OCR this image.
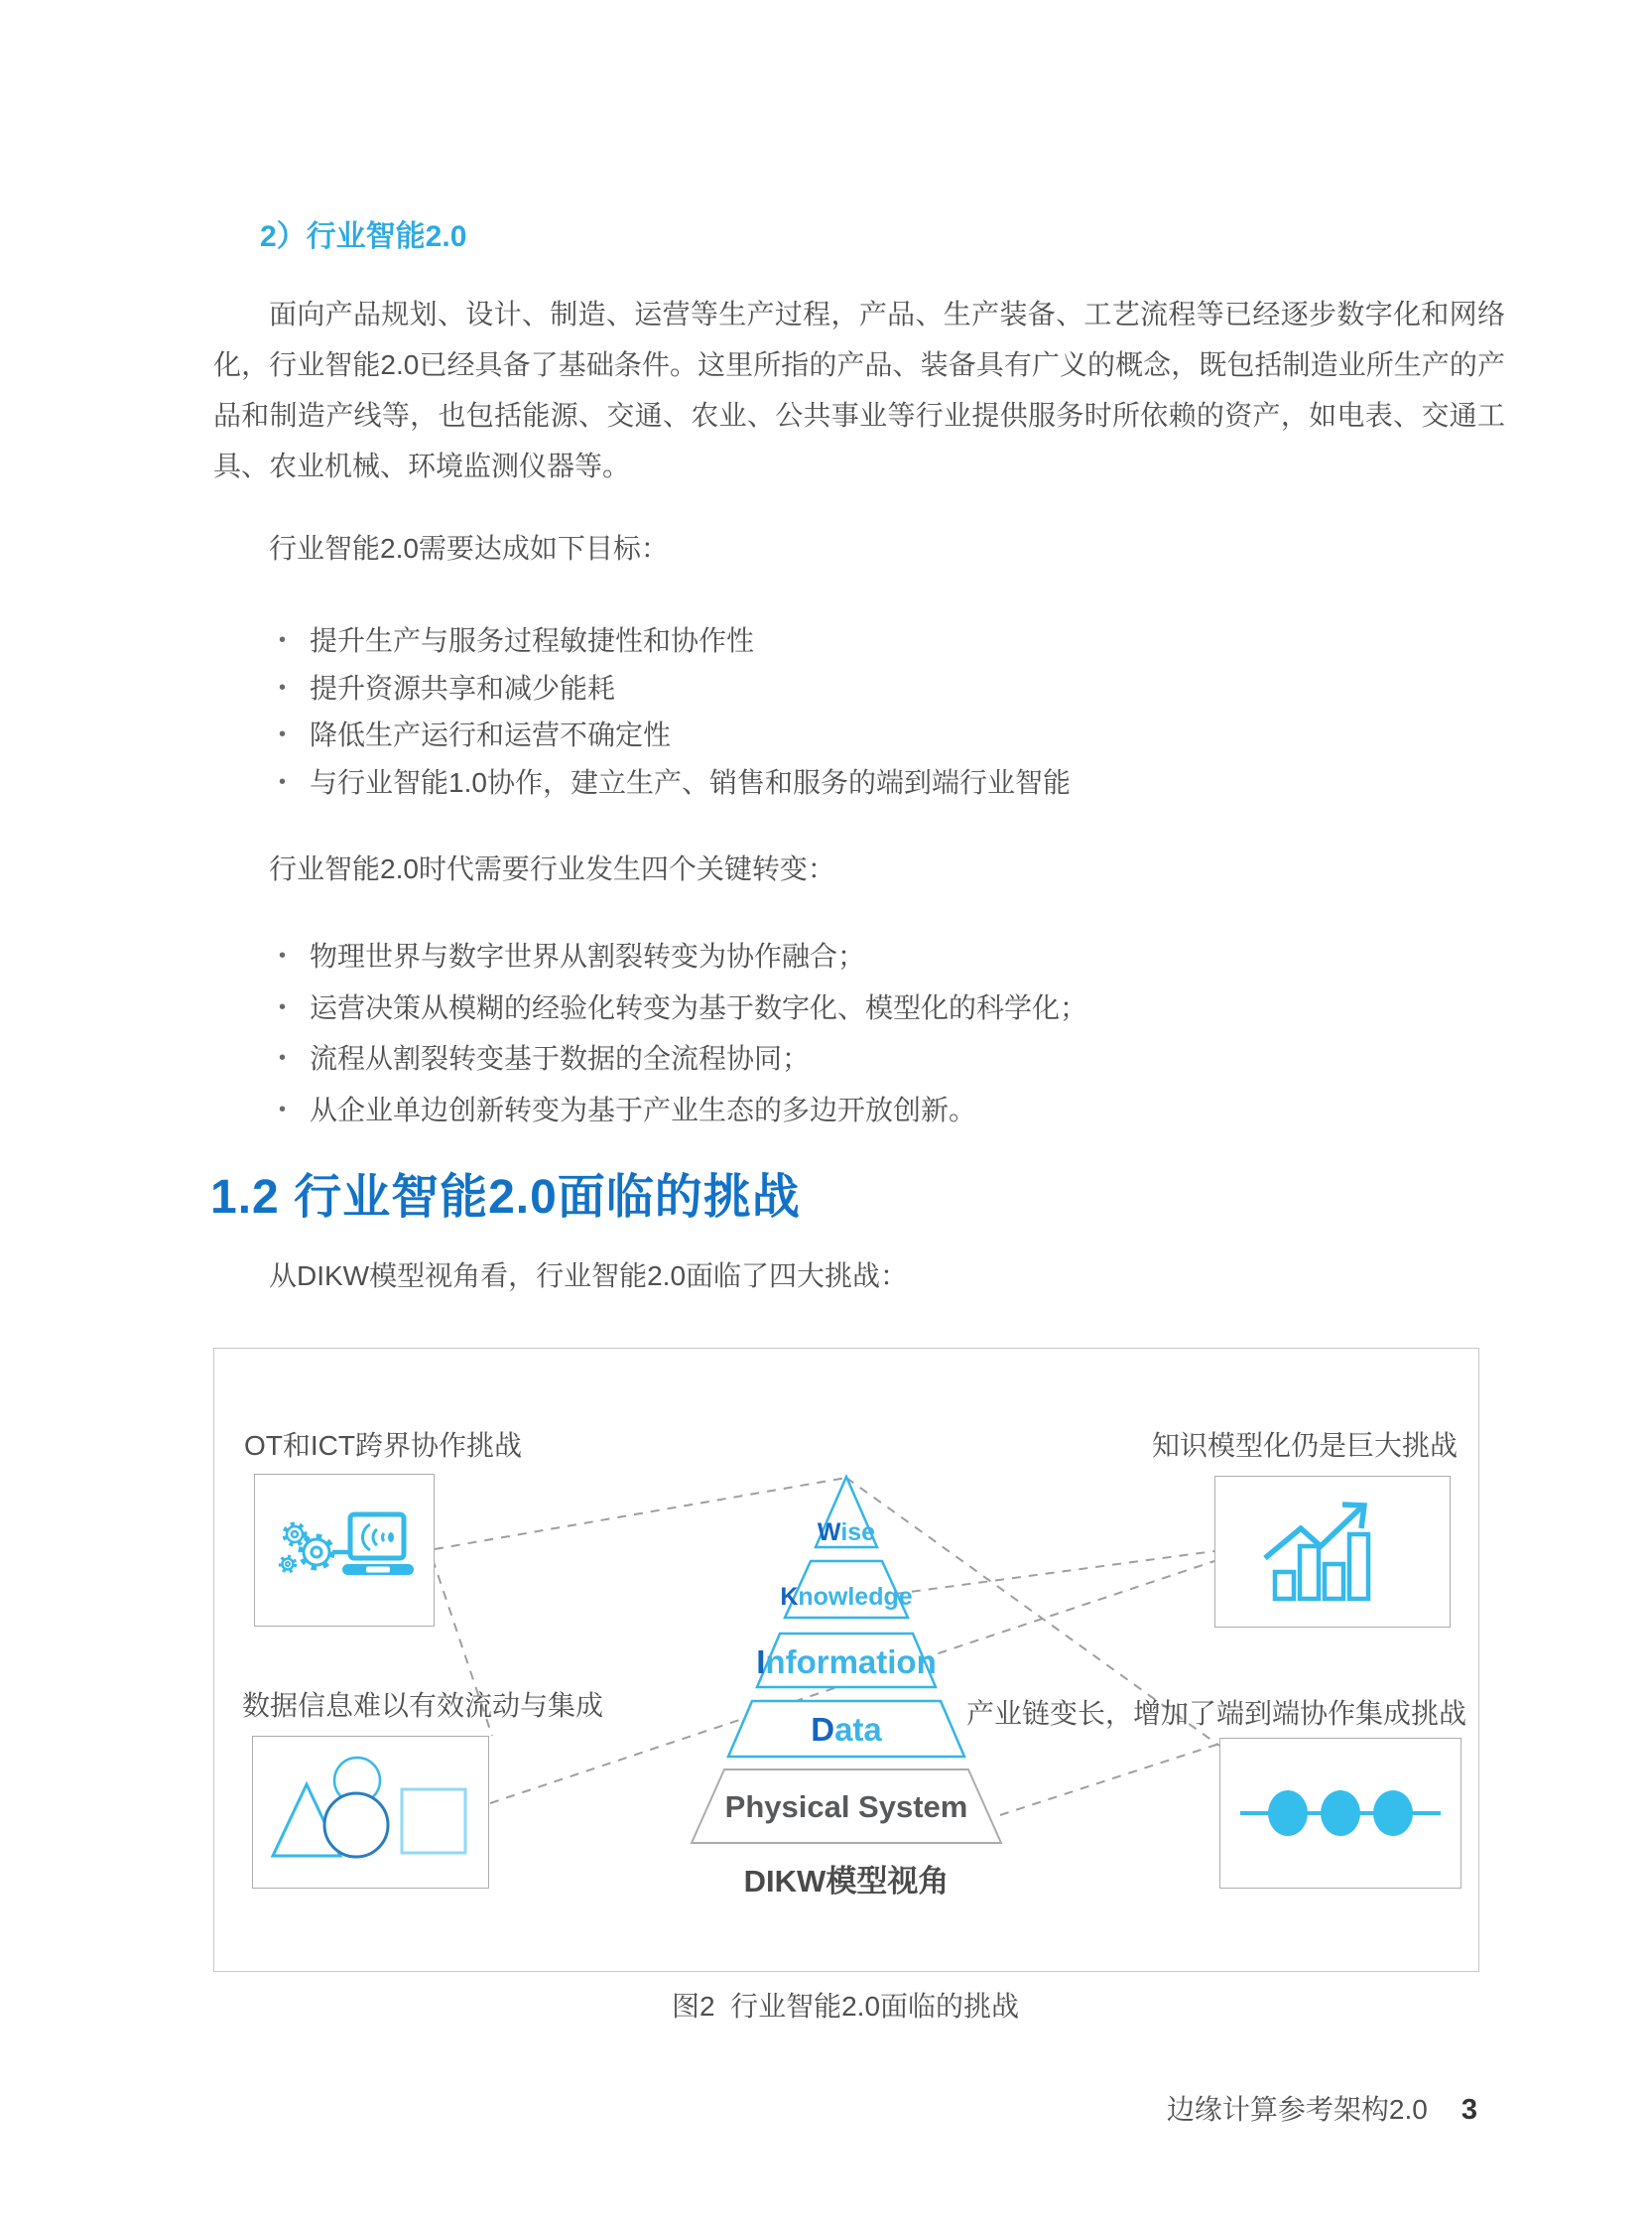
2）行业智能2.0

面向产品规划、设计、制造、运营等生产过程，产品、生产装备、工艺流程等已经逐步数字化和网络化，行业智能2.0已经具备了基础条件。这里所指的产品、装备具有广义的概念，既包括制造业所生产的产品和制造产线等，也包括能源、交通、农业、公共事业等行业提供服务时所依赖的资产，如电表、交通工具、农业机械、环境监测仪器等。

行业智能2.0需要达成如下目标：

• 提升生产与服务过程敏捷性和协作性
• 提升资源共享和减少能耗
• 降低生产运行和运营不确定性
• 与行业智能1.0协作，建立生产、销售和服务的端到端行业智能

行业智能2.0时代需要行业发生四个关键转变：

• 物理世界与数字世界从割裂转变为协作融合；
• 运营决策从模糊的经验化转变为基于数字化、模型化的科学化；
• 流程从割裂转变基于数据的全流程协同；
• 从企业单边创新转变为基于产业生态的多边开放创新。
1.2 行业智能2.0面临的挑战

从DIKW模型视角看，行业智能2.0面临了四大挑战：

Wise
Knowledge
Information
Data
Physical System
DIKW模型视角
OT和ICT跨界协作挑战	知识模型化仍是巨大挑战
数据信息难以有效流动与集成	产业链变长，增加了端到端协作集成挑战
图2  行业智能2.0面临的挑战
边缘计算参考架构2.0 3
